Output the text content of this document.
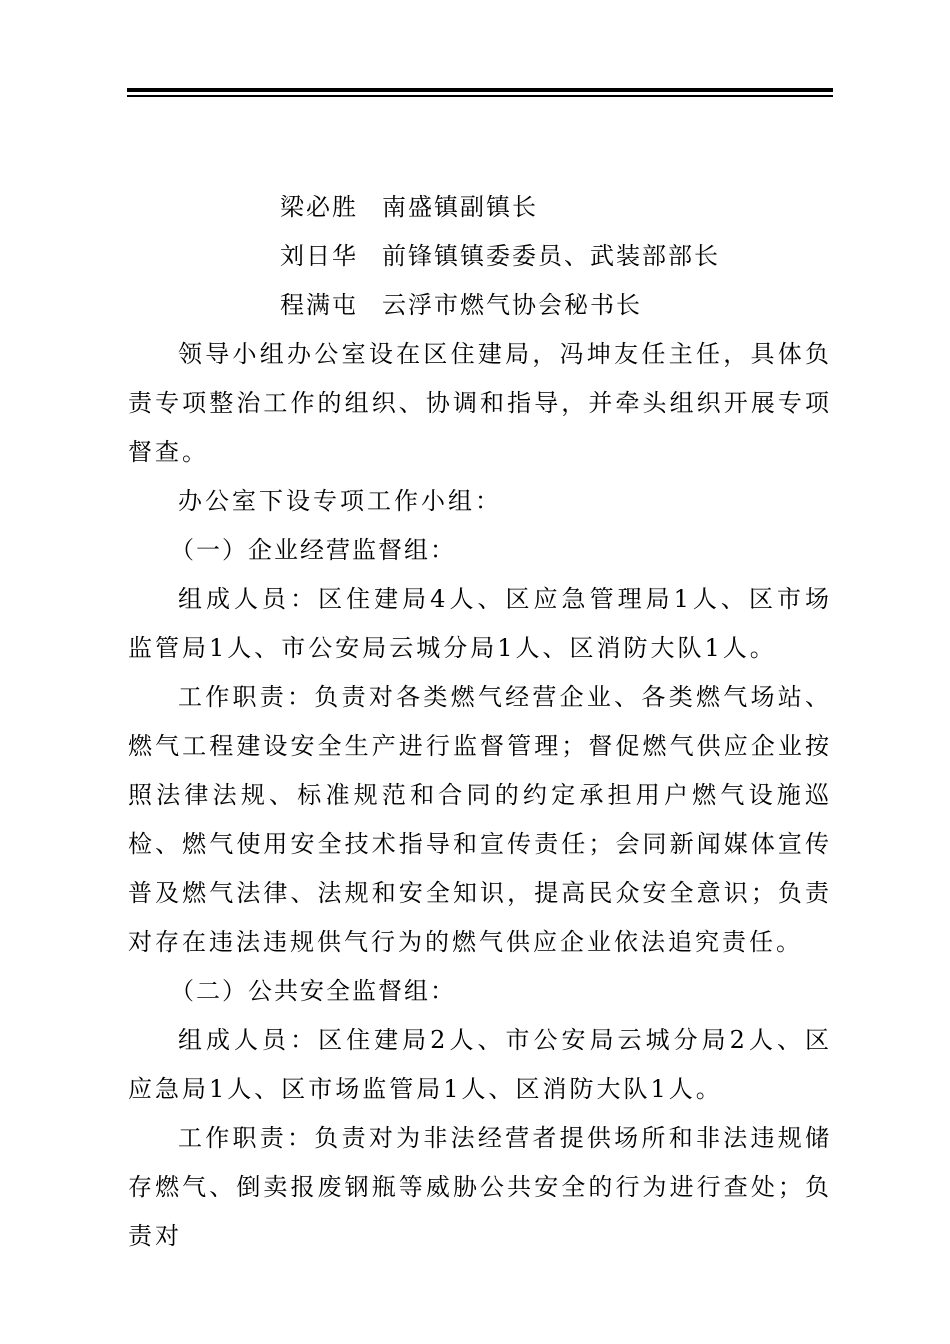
梁必胜 南盛镇副镇长
刘日华 前锋镇镇委委员、武装部部长
程满屯 云浮市燃气协会秘书长

领导小组办公室设在区住建局，冯坤友任主任，具体负责专项整治工作的组织、协调和指导，并牵头组织开展专项督查。

办公室下设专项工作小组：

（一）企业经营监督组：

组成人员：区住建局4人、区应急管理局1人、区市场监管局1人、市公安局云城分局1人、区消防大队1人。

工作职责：负责对各类燃气经营企业、各类燃气场站、燃气工程建设安全生产进行监督管理；督促燃气供应企业按照法律法规、标准规范和合同的约定承担用户燃气设施巡检、燃气使用安全技术指导和宣传责任；会同新闻媒体宣传普及燃气法律、法规和安全知识，提高民众安全意识；负责对存在违法违规供气行为的燃气供应企业依法追究责任。

（二）公共安全监督组：

组成人员：区住建局2人、市公安局云城分局2人、区应急局1人、区市场监管局1人、区消防大队1人。

工作职责：负责对为非法经营者提供场所和非法违规储存燃气、倒卖报废钢瓶等威胁公共安全的行为进行查处；负责对
